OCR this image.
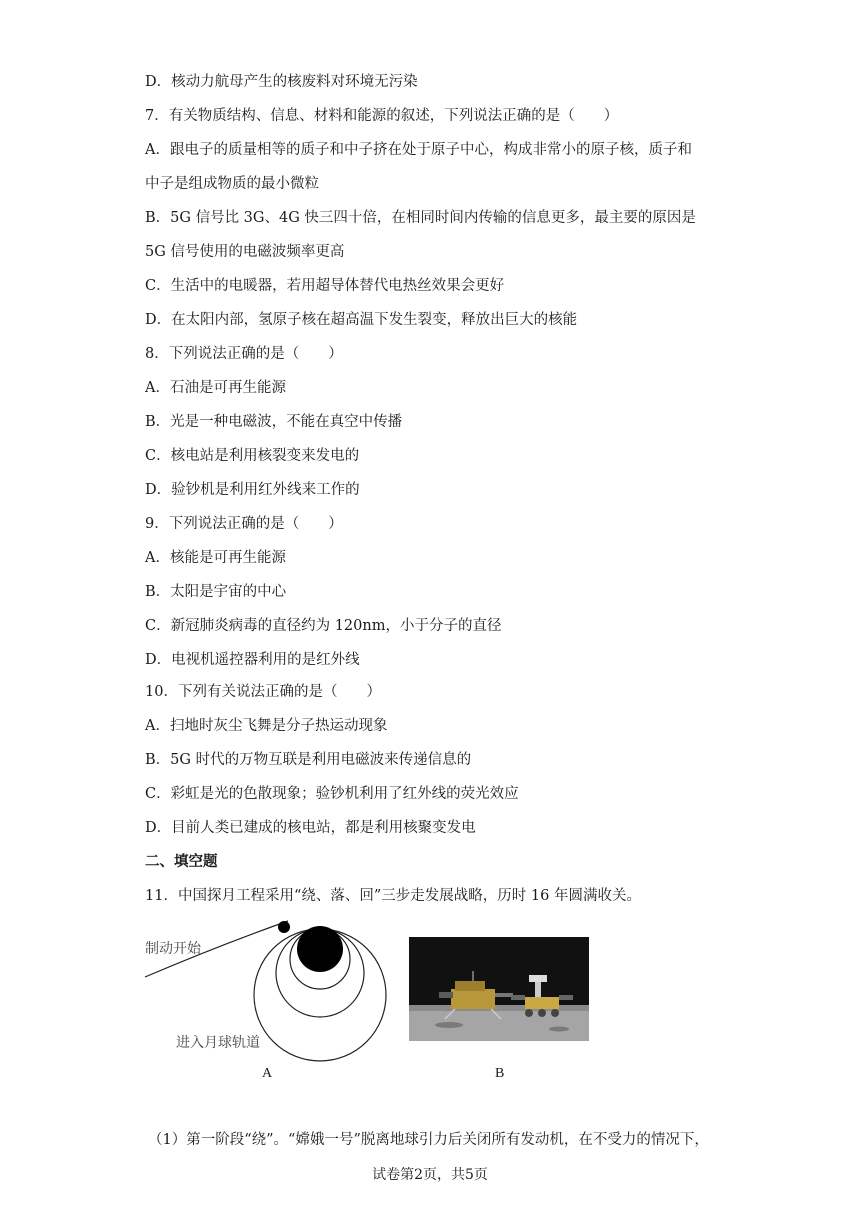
D．核动力航母产生的核废料对环境无污染
7．有关物质结构、信息、材料和能源的叙述，下列说法正确的是（　　）
A．跟电子的质量相等的质子和中子挤在处于原子中心，构成非常小的原子核，质子和
中子是组成物质的最小微粒
B．5G 信号比 3G、4G 快三四十倍，在相同时间内传输的信息更多，最主要的原因是
5G 信号使用的电磁波频率更高
C．生活中的电暖器，若用超导体替代电热丝效果会更好
D．在太阳内部，氢原子核在超高温下发生裂变，释放出巨大的核能
8．下列说法正确的是（　　）
A．石油是可再生能源
B．光是一种电磁波，不能在真空中传播
C．核电站是利用核裂变来发电的
D．验钞机是利用红外线来工作的
9．下列说法正确的是（　　）
A．核能是可再生能源
B．太阳是宇宙的中心
C．新冠肺炎病毒的直径约为 120nm，小于分子的直径
D．电视机遥控器利用的是红外线
10．下列有关说法正确的是（　　）
A．扫地时灰尘飞舞是分子热运动现象
B．5G 时代的万物互联是利用电磁波来传递信息的
C．彩虹是光的色散现象；验钞机利用了红外线的荧光效应
D．目前人类已建成的核电站，都是利用核聚变发电
二、填空题
11．中国探月工程采用“绕、落、回”三步走发展战略，历时 16 年圆满收关。
制动开始
进入月球轨道
A	B
（1）第一阶段“绕”。“嫦娥一号”脱离地球引力后关闭所有发动机，在不受力的情况下，
试卷第2页，共5页
